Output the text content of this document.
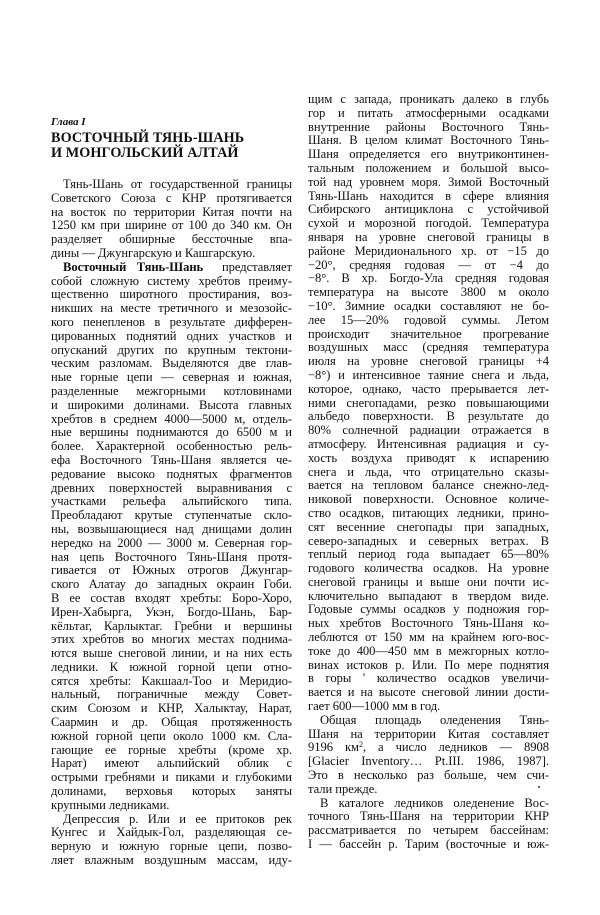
Глава I
ВОСТОЧНЫЙ ТЯНЬ-ШАНЬ
И МОНГОЛЬСКИЙ АЛТАЙ
Тянь-Шань от государственной границы
Советского Союза с КНР протягивается
на восток по территории Китая почти на
1250 км при ширине от 100 до 340 км. Он
разделяет обширные бессточные впа-
дины — Джунгарскую и Кашгарскую.
Восточный Тянь-Шань   представляет
собой сложную систему хребтов преиму-
щественно широтного простирания, воз-
никших на месте третичного и мезозойс-
кого пенепленов в результате дифферен-
цированных поднятий одних участков и
опусканий других по крупным тектони-
ческим разломам. Выделяются две глав-
ные горные цепи — северная и южная,
разделенные межгорными котловинами
и широкими долинами. Высота главных
хребтов в среднем 4000—5000 м, отдель-
ные вершины поднимаются до 6500 м и
более. Характерной особенностью рель-
ефа Восточного Тянь-Шаня является че-
редование высоко поднятых фрагментов
древних поверхностей выравнивания с
участками рельефа альпийского типа.
Преобладают крутые ступенчатые скло-
ны, возвышающиеся над днищами долин
нередко на 2000 — 3000 м. Северная гор-
ная цепь Восточного Тянь-Шаня протя-
гивается от Южных отрогов Джунгар-
ского Алатау до западных окраин Гоби.
В ее состав входят хребты: Боро-Хоро,
Ирен-Хабырга, Укэн, Богдо-Шань, Бар-
кёльтаг, Карлыктаг. Гребни и вершины
этих хребтов во многих местах поднима-
ются выше снеговой линии, и на них есть
ледники. К южной горной цепи отно-
сятся хребты: Какшаал-Тоо и Меридио-
нальный, пограничные между Совет-
ским Союзом и КНР, Халыктау, Нарат,
Саармин и др. Общая протяженность
южной горной цепи около 1000 км. Сла-
гающие ее горные хребты (кроме хр.
Нарат) имеют альпийский облик с
острыми гребнями и пиками и глубокими
долинами, верховья которых заняты
крупными ледниками.
Депрессия р. Или и ее притоков рек
Кунгес и Хайдык-Гол, разделяющая се-
верную и южную горные цепи, позво-
ляет влажным воздушным массам, иду-
щим с запада, проникать далеко в глубь
гор и питать атмосферными осадками
внутренние районы Восточного Тянь-
Шаня. В целом климат Восточного Тянь-
Шаня определяется его внутриконтинен-
тальным положением и большой высо-
той над уровнем моря. Зимой Восточный
Тянь-Шань находится в сфере влияния
Сибирского антициклона с устойчивой
сухой и морозной погодой. Температура
января на уровне снеговой границы в
районе Меридионального хр. от −15 до
−20°, средняя годовая — от −4 до
−8°. В хр. Богдо-Ула средняя годовая
температура на высоте 3800 м около
−10°. Зимние осадки составляют не бо-
лее 15—20% годовой суммы. Летом
происходит значительное прогревание
воздушных масс (средняя температура
июля на уровне снеговой границы +4
−8°) и интенсивное таяние снега и льда,
которое, однако, часто прерывается лет-
ними снегопадами, резко повышающими
альбедо поверхности. В результате до
80% солнечной радиации отражается в
атмосферу. Интенсивная радиация и су-
хость воздуха приводят к испарению
снега и льда, что отрицательно сказы-
вается на тепловом балансе снежно-лед-
никовой поверхности. Основное количе-
ство осадков, питающих ледники, прино-
сят весенние снегопады при западных,
северо-западных и северных ветрах. В
теплый период года выпадает 65—80%
годового количества осадков. На уровне
снеговой границы и выше они почти ис-
ключительно выпадают в твердом виде.
Годовые суммы осадков у подножия гор-
ных хребтов Восточного Тянь-Шаня ко-
леблются от 150 мм на крайнем юго-вос-
токе до 400—450 мм в межгорных котло-
винах истоков р. Или. По мере поднятия
в горы ' количество осадков увеличи-
вается и на высоте снеговой линии дости-
гает 600—1000 мм в год.
Общая площадь оледенения Тянь-
Шаня на территории Китая составляет
9196 $км^2$, а число ледников — 8908
[Glacier Inventory… Pt.III. 1986, 1987].
Это в несколько раз больше, чем счи-
тали прежде.
В каталоге ледников оледенение Вос-
точного Тянь-Шаня на территории КНР
рассматривается по четырем бассейнам:
I — бассейн р. Тарим (восточные и юж-
